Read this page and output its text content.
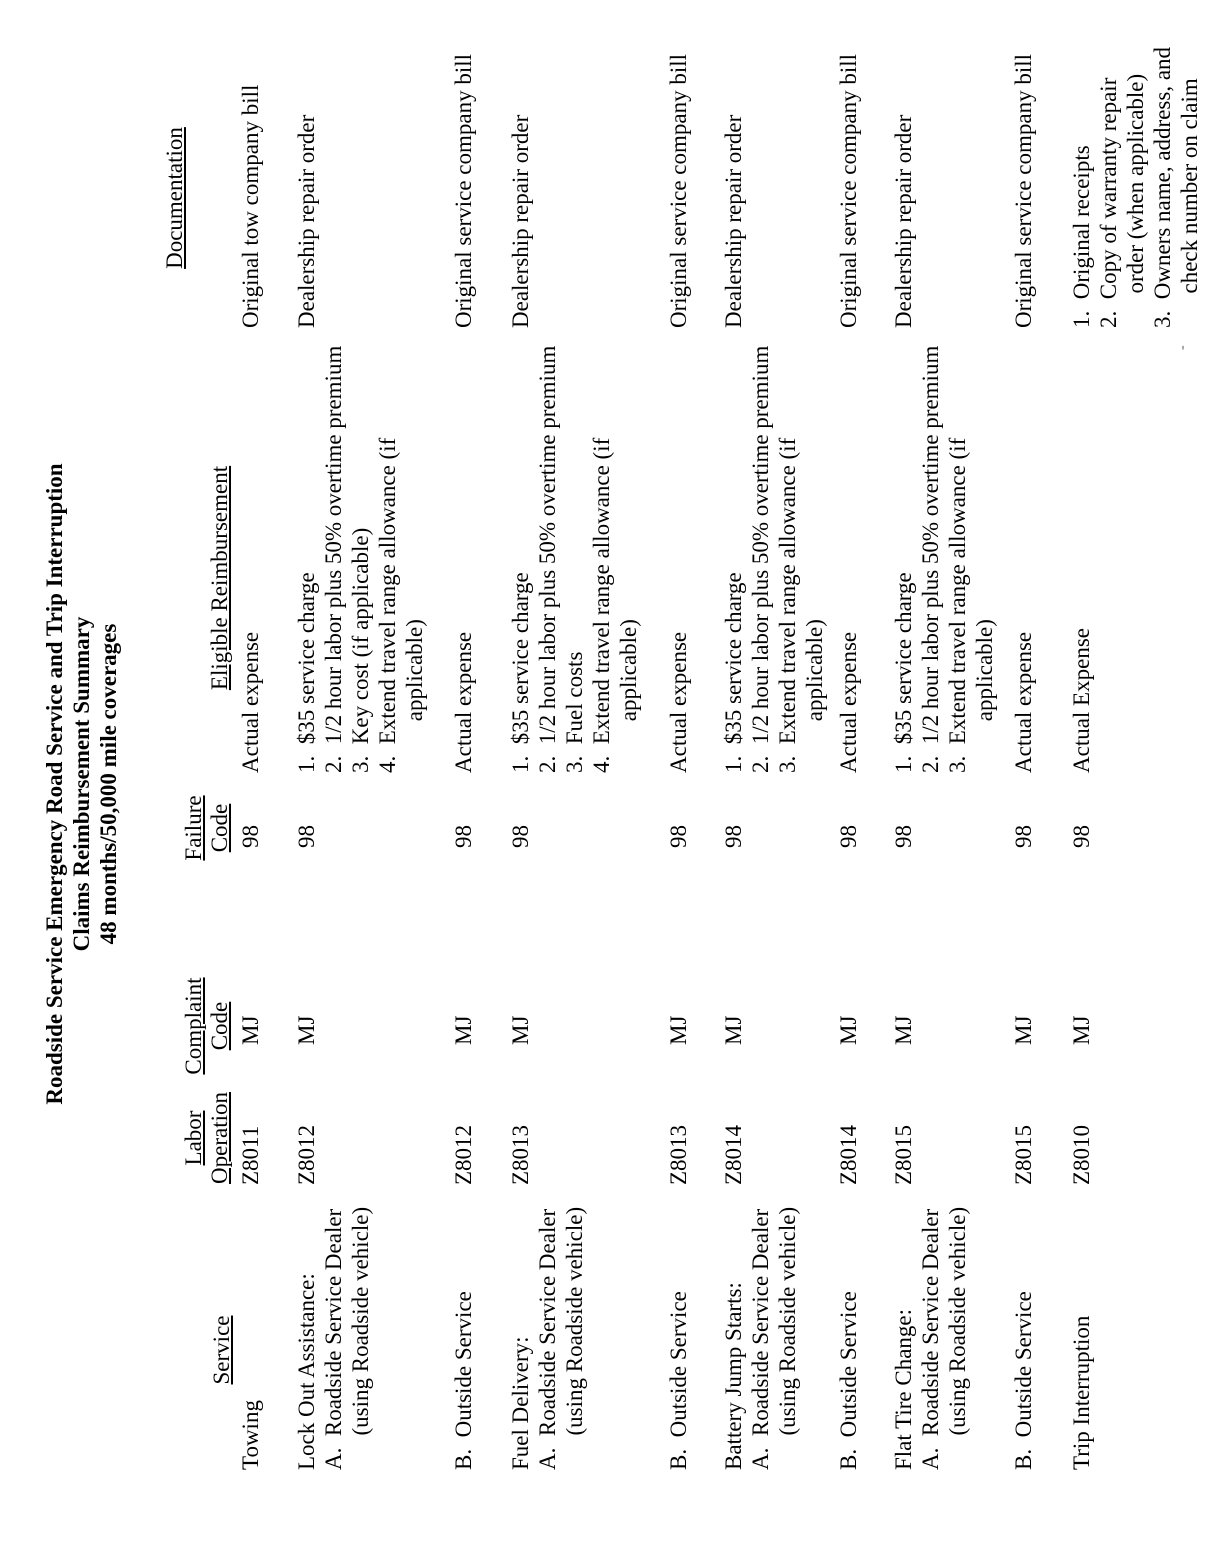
Roadside Service Emergency Road Service and Trip Interruption Claims Reimbursement Summary 48 months/50,000 mile coverages
Service
Labor Operation
Complaint Code
Failure Code
Eligible Reimbursement
Documentation
Towing
Z8011
MJ
98
Actual expense
Original tow company bill
Lock Out Assistance:
A.  Roadside Service Dealer
(using Roadside vehicle)
Z8012
MJ
98
1.  $35 service charge
2.  1/2 hour labor plus 50% overtime premium
3.  Key cost (if applicable)
4.  Extend travel range allowance (if
applicable)
Dealership repair order
B.  Outside Service
Z8012
MJ
98
Actual expense
Original service company bill
Fuel Delivery:
A.  Roadside Service Dealer
(using Roadside vehicle)
Z8013
MJ
98
1.  $35 service charge
2.  1/2 hour labor plus 50% overtime premium
3.  Fuel costs
4.  Extend travel range allowance (if
applicable)
Dealership repair order
B.  Outside Service
Z8013
MJ
98
Actual expense
Original service company bill
Battery Jump Starts:
A.  Roadside Service Dealer
(using Roadside vehicle)
Z8014
MJ
98
1.  $35 service charge
2.  1/2 hour labor plus 50% overtime premium
3.  Extend travel range allowance (if
applicable)
Dealership repair order
B.  Outside Service
Z8014
MJ
98
Actual expense
Original service company bill
Flat Tire Change:
A.  Roadside Service Dealer
(using Roadside vehicle)
Z8015
MJ
98
1.  $35 service charge
2.  1/2 hour labor plus 50% overtime premium
3.  Extend travel range allowance (if
applicable)
Dealership repair order
B.  Outside Service
Z8015
MJ
98
Actual expense
Original service company bill
Trip Interruption
Z8010
MJ
98
Actual Expense
1.  Original receipts
2.  Copy of warranty repair
order (when applicable)
3.  Owners name, address, and
check number on claim
-
